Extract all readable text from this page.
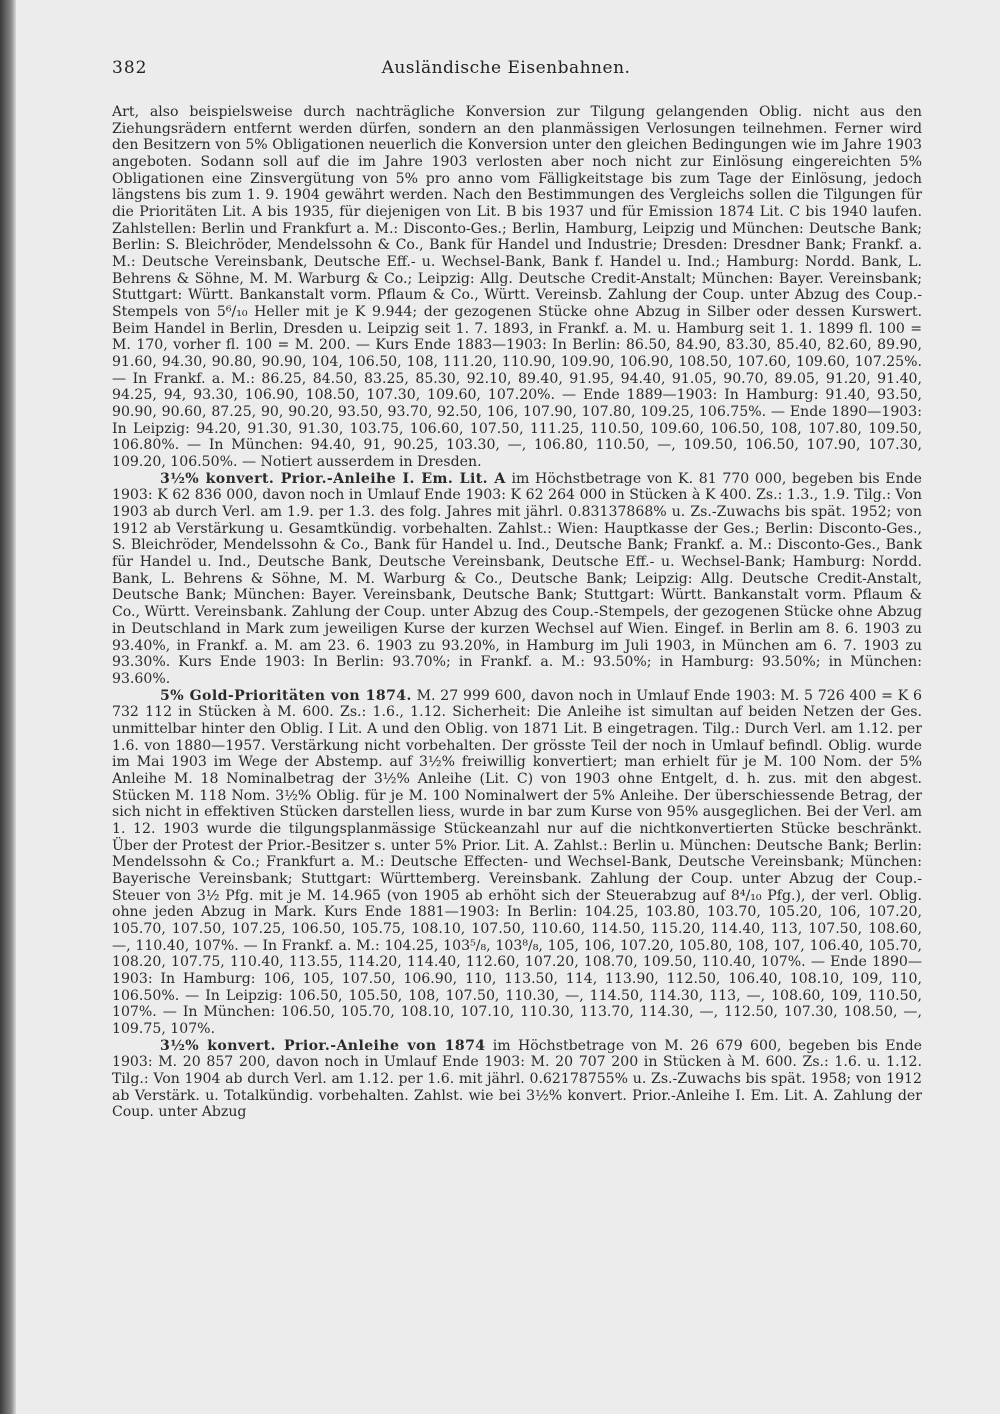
382	Ausländische Eisenbahnen.

Art, also beispielsweise durch nachträgliche Konversion zur Tilgung gelangenden Oblig. nicht aus den Ziehungsrädern entfernt werden dürfen, sondern an den planmässigen Verlosungen teilnehmen. Ferner wird den Besitzern von 5% Obligationen neuerlich die Konversion unter den gleichen Bedingungen wie im Jahre 1903 angeboten. Sodann soll auf die im Jahre 1903 verlosten aber noch nicht zur Einlösung eingereichten 5% Obligationen eine Zinsvergütung von 5% pro anno vom Fälligkeitstage bis zum Tage der Einlösung, jedoch längstens bis zum 1. 9. 1904 gewährt werden. Nach den Bestimmungen des Vergleichs sollen die Tilgungen für die Prioritäten Lit. A bis 1935, für diejenigen von Lit. B bis 1937 und für Emission 1874 Lit. C bis 1940 laufen. Zahlstellen: Berlin und Frankfurt a. M.: Disconto-Ges.; Berlin, Hamburg, Leipzig und München: Deutsche Bank; Berlin: S. Bleichröder, Mendelssohn & Co., Bank für Handel und Industrie; Dresden: Dresdner Bank; Frankf. a. M.: Deutsche Vereinsbank, Deutsche Eff.- u. Wechsel-Bank, Bank f. Handel u. Ind.; Hamburg: Nordd. Bank, L. Behrens & Söhne, M. M. Warburg & Co.; Leipzig: Allg. Deutsche Credit-Anstalt; München: Bayer. Vereinsbank; Stuttgart: Württ. Bankanstalt vorm. Pflaum & Co., Württ. Vereinsb. Zahlung der Coup. unter Abzug des Coup.-Stempels von 5⁶/₁₀ Heller mit je K 9.944; der gezogenen Stücke ohne Abzug in Silber oder dessen Kurswert. Beim Handel in Berlin, Dresden u. Leipzig seit 1. 7. 1893, in Frankf. a. M. u. Hamburg seit 1. 1. 1899 fl. 100 = M. 170, vorher fl. 100 = M. 200. — Kurs Ende 1883—1903: In Berlin: 86.50, 84.90, 83.30, 85.40, 82.60, 89.90, 91.60, 94.30, 90.80, 90.90, 104, 106.50, 108, 111.20, 110.90, 109.90, 106.90, 108.50, 107.60, 109.60, 107.25%. — In Frankf. a. M.: 86.25, 84.50, 83.25, 85.30, 92.10, 89.40, 91.95, 94.40, 91.05, 90.70, 89.05, 91.20, 91.40, 94.25, 94, 93.30, 106.90, 108.50, 107.30, 109.60, 107.20%. — Ende 1889—1903: In Hamburg: 91.40, 93.50, 90.90, 90.60, 87.25, 90, 90.20, 93.50, 93.70, 92.50, 106, 107.90, 107.80, 109.25, 106.75%. — Ende 1890—1903: In Leipzig: 94.20, 91.30, 91.30, 103.75, 106.60, 107.50, 111.25, 110.50, 109.60, 106.50, 108, 107.80, 109.50, 106.80%. — In München: 94.40, 91, 90.25, 103.30, —, 106.80, 110.50, —, 109.50, 106.50, 107.90, 107.30, 109.20, 106.50%. — Notiert ausserdem in Dresden.

3½% konvert. Prior.-Anleihe I. Em. Lit. A im Höchstbetrage von K. 81 770 000, begeben bis Ende 1903: K 62 836 000, davon noch in Umlauf Ende 1903: K 62 264 000 in Stücken à K 400. Zs.: 1.3., 1.9. Tilg.: Von 1903 ab durch Verl. am 1.9. per 1.3. des folg. Jahres mit jährl. 0.83137868% u. Zs.-Zuwachs bis spät. 1952; von 1912 ab Verstärkung u. Gesamtkündig. vorbehalten. Zahlst.: Wien: Hauptkasse der Ges.; Berlin: Disconto-Ges., S. Bleichröder, Mendelssohn & Co., Bank für Handel u. Ind., Deutsche Bank; Frankf. a. M.: Disconto-Ges., Bank für Handel u. Ind., Deutsche Bank, Deutsche Vereinsbank, Deutsche Eff.- u. Wechsel-Bank; Hamburg: Nordd. Bank, L. Behrens & Söhne, M. M. Warburg & Co., Deutsche Bank; Leipzig: Allg. Deutsche Credit-Anstalt, Deutsche Bank; München: Bayer. Vereinsbank, Deutsche Bank; Stuttgart: Württ. Bankanstalt vorm. Pflaum & Co., Württ. Vereinsbank. Zahlung der Coup. unter Abzug des Coup.-Stempels, der gezogenen Stücke ohne Abzug in Deutschland in Mark zum jeweiligen Kurse der kurzen Wechsel auf Wien. Eingef. in Berlin am 8. 6. 1903 zu 93.40%, in Frankf. a. M. am 23. 6. 1903 zu 93.20%, in Hamburg im Juli 1903, in München am 6. 7. 1903 zu 93.30%. Kurs Ende 1903: In Berlin: 93.70%; in Frankf. a. M.: 93.50%; in Hamburg: 93.50%; in München: 93.60%.

5% Gold-Prioritäten von 1874. M. 27 999 600, davon noch in Umlauf Ende 1903: M. 5 726 400 = K 6 732 112 in Stücken à M. 600. Zs.: 1.6., 1.12. Sicherheit: Die Anleihe ist simultan auf beiden Netzen der Ges. unmittelbar hinter den Oblig. I Lit. A und den Oblig. von 1871 Lit. B eingetragen. Tilg.: Durch Verl. am 1.12. per 1.6. von 1880—1957. Verstärkung nicht vorbehalten. Der grösste Teil der noch in Umlauf befindl. Oblig. wurde im Mai 1903 im Wege der Abstemp. auf 3½% freiwillig konvertiert; man erhielt für je M. 100 Nom. der 5% Anleihe M. 18 Nominalbetrag der 3½% Anleihe (Lit. C) von 1903 ohne Entgelt, d. h. zus. mit den abgest. Stücken M. 118 Nom. 3½% Oblig. für je M. 100 Nominalwert der 5% Anleihe. Der überschiessende Betrag, der sich nicht in effektiven Stücken darstellen liess, wurde in bar zum Kurse von 95% ausgeglichen. Bei der Verl. am 1. 12. 1903 wurde die tilgungsplanmässige Stückeanzahl nur auf die nichtkonvertierten Stücke beschränkt. Über der Protest der Prior.-Besitzer s. unter 5% Prior. Lit. A. Zahlst.: Berlin u. München: Deutsche Bank; Berlin: Mendelssohn & Co.; Frankfurt a. M.: Deutsche Effecten- und Wechsel-Bank, Deutsche Vereinsbank; München: Bayerische Vereinsbank; Stuttgart: Württemberg. Vereinsbank. Zahlung der Coup. unter Abzug der Coup.-Steuer von 3½ Pfg. mit je M. 14.965 (von 1905 ab erhöht sich der Steuerabzug auf 8⁴/₁₀ Pfg.), der verl. Oblig. ohne jeden Abzug in Mark. Kurs Ende 1881—1903: In Berlin: 104.25, 103.80, 103.70, 105.20, 106, 107.20, 105.70, 107.50, 107.25, 106.50, 105.75, 108.10, 107.50, 110.60, 114.50, 115.20, 114.40, 113, 107.50, 108.60, —, 110.40, 107%. — In Frankf. a. M.: 104.25, 103⁵/₈, 103⁸/₈, 105, 106, 107.20, 105.80, 108, 107, 106.40, 105.70, 108.20, 107.75, 110.40, 113.55, 114.20, 114.40, 112.60, 107.20, 108.70, 109.50, 110.40, 107%. — Ende 1890—1903: In Hamburg: 106, 105, 107.50, 106.90, 110, 113.50, 114, 113.90, 112.50, 106.40, 108.10, 109, 110, 106.50%. — In Leipzig: 106.50, 105.50, 108, 107.50, 110.30, —, 114.50, 114.30, 113, —, 108.60, 109, 110.50, 107%. — In München: 106.50, 105.70, 108.10, 107.10, 110.30, 113.70, 114.30, —, 112.50, 107.30, 108.50, —, 109.75, 107%.

3½% konvert. Prior.-Anleihe von 1874 im Höchstbetrage von M. 26 679 600, begeben bis Ende 1903: M. 20 857 200, davon noch in Umlauf Ende 1903: M. 20 707 200 in Stücken à M. 600. Zs.: 1.6. u. 1.12. Tilg.: Von 1904 ab durch Verl. am 1.12. per 1.6. mit jährl. 0.62178755% u. Zs.-Zuwachs bis spät. 1958; von 1912 ab Verstärk. u. Totalkündig. vorbehalten. Zahlst. wie bei 3½% konvert. Prior.-Anleihe I. Em. Lit. A. Zahlung der Coup. unter Abzug
